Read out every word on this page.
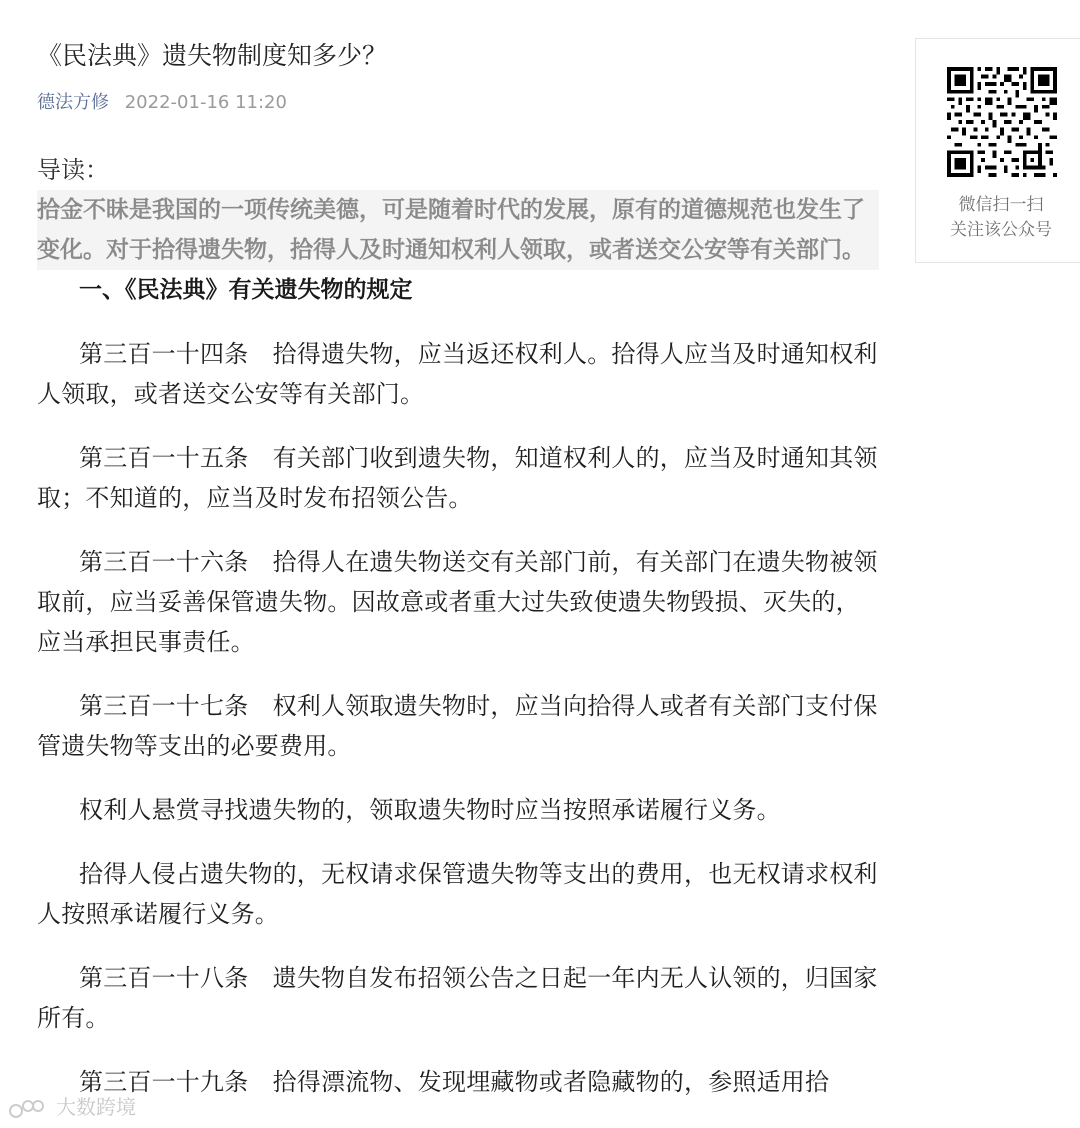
《民法典》遗失物制度知多少？
德法方修 2022-01-16 11:20
导读：

拾金不昧是我国的一项传统美德，可是随着时代的发展，原有的道德规范也发生了变化。对于拾得遗失物，拾得人及时通知权利人领取，或者送交公安等有关部门。

一、《民法典》有关遗失物的规定

第三百一十四条　拾得遗失物，应当返还权利人。拾得人应当及时通知权利人领取，或者送交公安等有关部门。

第三百一十五条　有关部门收到遗失物，知道权利人的，应当及时通知其领取；不知道的，应当及时发布招领公告。

第三百一十六条　拾得人在遗失物送交有关部门前，有关部门在遗失物被领取前，应当妥善保管遗失物。因故意或者重大过失致使遗失物毁损、灭失的，应当承担民事责任。

第三百一十七条　权利人领取遗失物时，应当向拾得人或者有关部门支付保管遗失物等支出的必要费用。

权利人悬赏寻找遗失物的，领取遗失物时应当按照承诺履行义务。

拾得人侵占遗失物的，无权请求保管遗失物等支出的费用，也无权请求权利人按照承诺履行义务。

第三百一十八条　遗失物自发布招领公告之日起一年内无人认领的，归国家所有。

第三百一十九条　拾得漂流物、发现埋藏物或者隐藏物的，参照适用拾

微信扫一扫
关注该公众号
大数跨境
